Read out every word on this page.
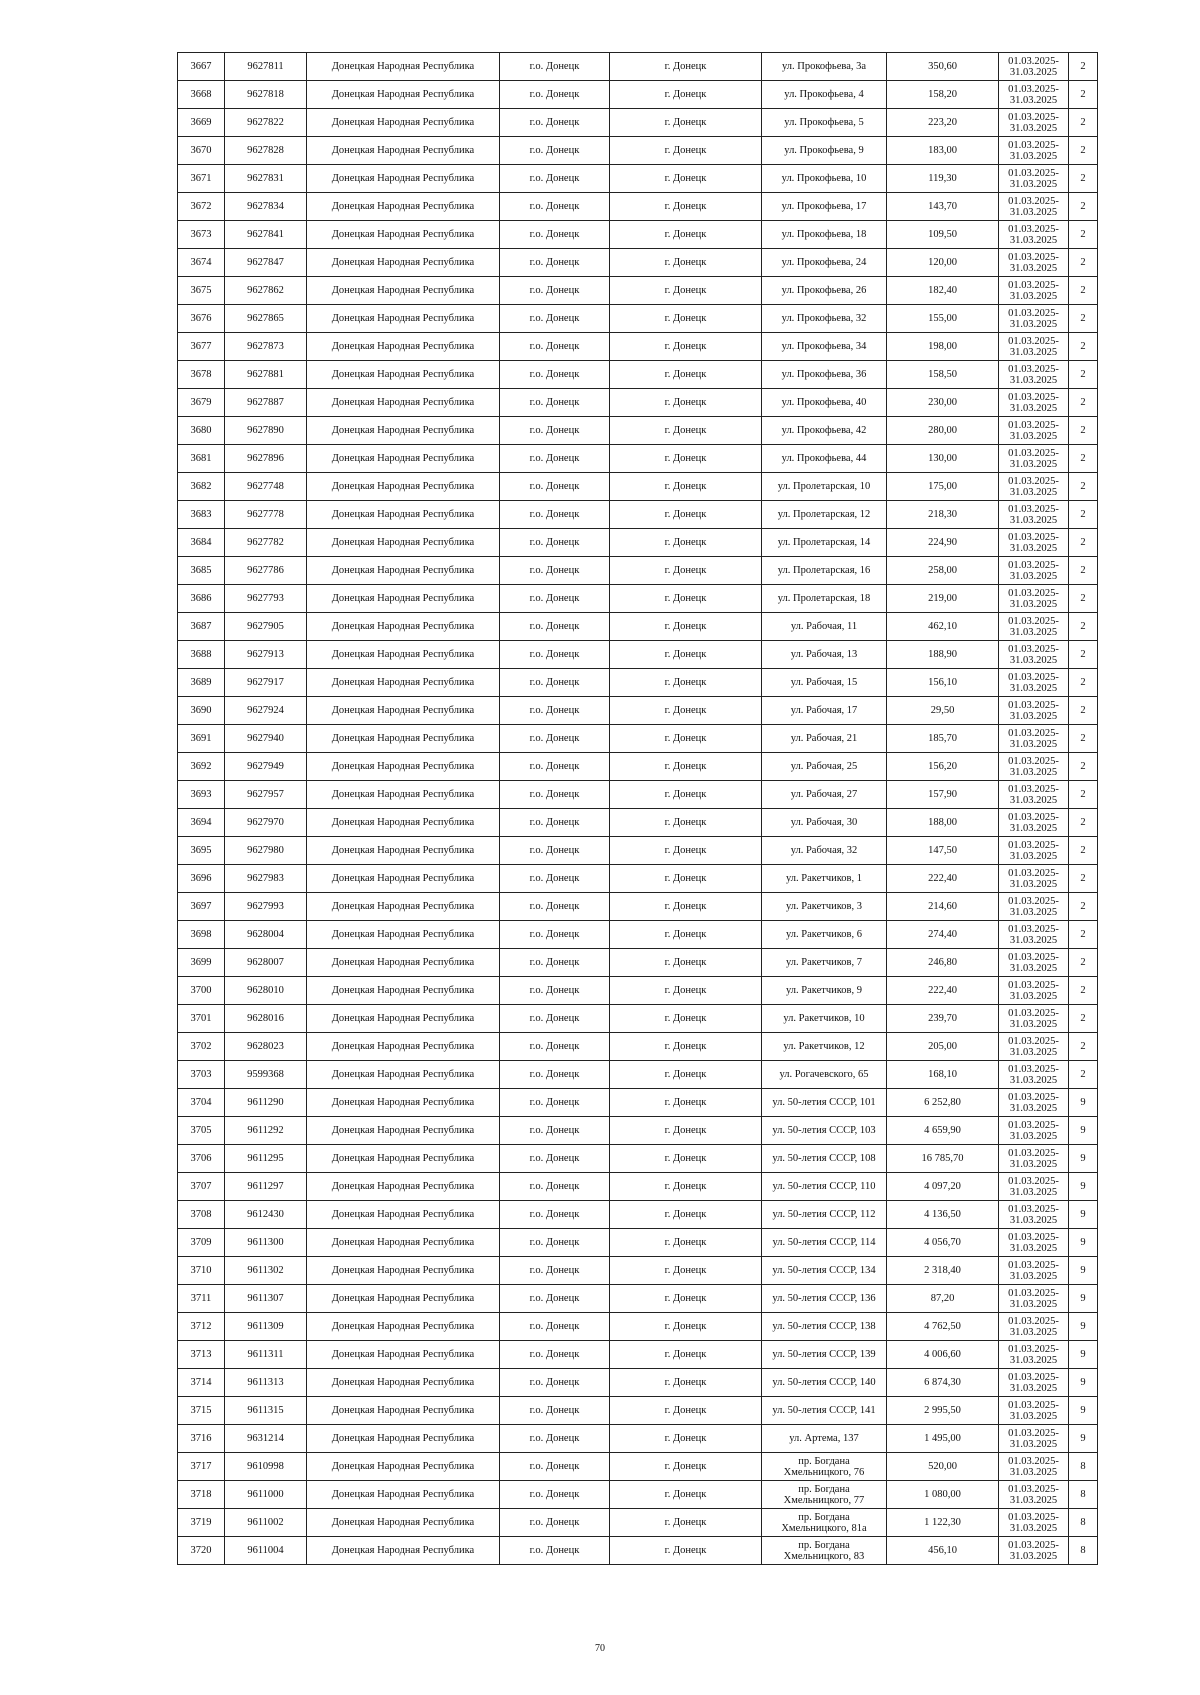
3667	9627811	Донецкая Народная Республика	г.о. Донецк	г. Донецк	ул. Прокофьева, 3а	350,60	01.03.2025-31.03.2025	2
3668	9627818	Донецкая Народная Республика	г.о. Донецк	г. Донецк	ул. Прокофьева, 4	158,20	01.03.2025-31.03.2025	2
3669	9627822	Донецкая Народная Республика	г.о. Донецк	г. Донецк	ул. Прокофьева, 5	223,20	01.03.2025-31.03.2025	2
3670	9627828	Донецкая Народная Республика	г.о. Донецк	г. Донецк	ул. Прокофьева, 9	183,00	01.03.2025-31.03.2025	2
3671	9627831	Донецкая Народная Республика	г.о. Донецк	г. Донецк	ул. Прокофьева, 10	119,30	01.03.2025-31.03.2025	2
3672	9627834	Донецкая Народная Республика	г.о. Донецк	г. Донецк	ул. Прокофьева, 17	143,70	01.03.2025-31.03.2025	2
3673	9627841	Донецкая Народная Республика	г.о. Донецк	г. Донецк	ул. Прокофьева, 18	109,50	01.03.2025-31.03.2025	2
3674	9627847	Донецкая Народная Республика	г.о. Донецк	г. Донецк	ул. Прокофьева, 24	120,00	01.03.2025-31.03.2025	2
3675	9627862	Донецкая Народная Республика	г.о. Донецк	г. Донецк	ул. Прокофьева, 26	182,40	01.03.2025-31.03.2025	2
3676	9627865	Донецкая Народная Республика	г.о. Донецк	г. Донецк	ул. Прокофьева, 32	155,00	01.03.2025-31.03.2025	2
3677	9627873	Донецкая Народная Республика	г.о. Донецк	г. Донецк	ул. Прокофьева, 34	198,00	01.03.2025-31.03.2025	2
3678	9627881	Донецкая Народная Республика	г.о. Донецк	г. Донецк	ул. Прокофьева, 36	158,50	01.03.2025-31.03.2025	2
3679	9627887	Донецкая Народная Республика	г.о. Донецк	г. Донецк	ул. Прокофьева, 40	230,00	01.03.2025-31.03.2025	2
3680	9627890	Донецкая Народная Республика	г.о. Донецк	г. Донецк	ул. Прокофьева, 42	280,00	01.03.2025-31.03.2025	2
3681	9627896	Донецкая Народная Республика	г.о. Донецк	г. Донецк	ул. Прокофьева, 44	130,00	01.03.2025-31.03.2025	2
3682	9627748	Донецкая Народная Республика	г.о. Донецк	г. Донецк	ул. Пролетарская, 10	175,00	01.03.2025-31.03.2025	2
3683	9627778	Донецкая Народная Республика	г.о. Донецк	г. Донецк	ул. Пролетарская, 12	218,30	01.03.2025-31.03.2025	2
3684	9627782	Донецкая Народная Республика	г.о. Донецк	г. Донецк	ул. Пролетарская, 14	224,90	01.03.2025-31.03.2025	2
3685	9627786	Донецкая Народная Республика	г.о. Донецк	г. Донецк	ул. Пролетарская, 16	258,00	01.03.2025-31.03.2025	2
3686	9627793	Донецкая Народная Республика	г.о. Донецк	г. Донецк	ул. Пролетарская, 18	219,00	01.03.2025-31.03.2025	2
3687	9627905	Донецкая Народная Республика	г.о. Донецк	г. Донецк	ул. Рабочая, 11	462,10	01.03.2025-31.03.2025	2
3688	9627913	Донецкая Народная Республика	г.о. Донецк	г. Донецк	ул. Рабочая, 13	188,90	01.03.2025-31.03.2025	2
3689	9627917	Донецкая Народная Республика	г.о. Донецк	г. Донецк	ул. Рабочая, 15	156,10	01.03.2025-31.03.2025	2
3690	9627924	Донецкая Народная Республика	г.о. Донецк	г. Донецк	ул. Рабочая, 17	29,50	01.03.2025-31.03.2025	2
3691	9627940	Донецкая Народная Республика	г.о. Донецк	г. Донецк	ул. Рабочая, 21	185,70	01.03.2025-31.03.2025	2
3692	9627949	Донецкая Народная Республика	г.о. Донецк	г. Донецк	ул. Рабочая, 25	156,20	01.03.2025-31.03.2025	2
3693	9627957	Донецкая Народная Республика	г.о. Донецк	г. Донецк	ул. Рабочая, 27	157,90	01.03.2025-31.03.2025	2
3694	9627970	Донецкая Народная Республика	г.о. Донецк	г. Донецк	ул. Рабочая, 30	188,00	01.03.2025-31.03.2025	2
3695	9627980	Донецкая Народная Республика	г.о. Донецк	г. Донецк	ул. Рабочая, 32	147,50	01.03.2025-31.03.2025	2
3696	9627983	Донецкая Народная Республика	г.о. Донецк	г. Донецк	ул. Ракетчиков, 1	222,40	01.03.2025-31.03.2025	2
3697	9627993	Донецкая Народная Республика	г.о. Донецк	г. Донецк	ул. Ракетчиков, 3	214,60	01.03.2025-31.03.2025	2
3698	9628004	Донецкая Народная Республика	г.о. Донецк	г. Донецк	ул. Ракетчиков, 6	274,40	01.03.2025-31.03.2025	2
3699	9628007	Донецкая Народная Республика	г.о. Донецк	г. Донецк	ул. Ракетчиков, 7	246,80	01.03.2025-31.03.2025	2
3700	9628010	Донецкая Народная Республика	г.о. Донецк	г. Донецк	ул. Ракетчиков, 9	222,40	01.03.2025-31.03.2025	2
3701	9628016	Донецкая Народная Республика	г.о. Донецк	г. Донецк	ул. Ракетчиков, 10	239,70	01.03.2025-31.03.2025	2
3702	9628023	Донецкая Народная Республика	г.о. Донецк	г. Донецк	ул. Ракетчиков, 12	205,00	01.03.2025-31.03.2025	2
3703	9599368	Донецкая Народная Республика	г.о. Донецк	г. Донецк	ул. Рогачевского, 65	168,10	01.03.2025-31.03.2025	2
3704	9611290	Донецкая Народная Республика	г.о. Донецк	г. Донецк	ул. 50-летия СССР, 101	6 252,80	01.03.2025-31.03.2025	9
3705	9611292	Донецкая Народная Республика	г.о. Донецк	г. Донецк	ул. 50-летия СССР, 103	4 659,90	01.03.2025-31.03.2025	9
3706	9611295	Донецкая Народная Республика	г.о. Донецк	г. Донецк	ул. 50-летия СССР, 108	16 785,70	01.03.2025-31.03.2025	9
3707	9611297	Донецкая Народная Республика	г.о. Донецк	г. Донецк	ул. 50-летия СССР, 110	4 097,20	01.03.2025-31.03.2025	9
3708	9612430	Донецкая Народная Республика	г.о. Донецк	г. Донецк	ул. 50-летия СССР, 112	4 136,50	01.03.2025-31.03.2025	9
3709	9611300	Донецкая Народная Республика	г.о. Донецк	г. Донецк	ул. 50-летия СССР, 114	4 056,70	01.03.2025-31.03.2025	9
3710	9611302	Донецкая Народная Республика	г.о. Донецк	г. Донецк	ул. 50-летия СССР, 134	2 318,40	01.03.2025-31.03.2025	9
3711	9611307	Донецкая Народная Республика	г.о. Донецк	г. Донецк	ул. 50-летия СССР, 136	87,20	01.03.2025-31.03.2025	9
3712	9611309	Донецкая Народная Республика	г.о. Донецк	г. Донецк	ул. 50-летия СССР, 138	4 762,50	01.03.2025-31.03.2025	9
3713	9611311	Донецкая Народная Республика	г.о. Донецк	г. Донецк	ул. 50-летия СССР, 139	4 006,60	01.03.2025-31.03.2025	9
3714	9611313	Донецкая Народная Республика	г.о. Донецк	г. Донецк	ул. 50-летия СССР, 140	6 874,30	01.03.2025-31.03.2025	9
3715	9611315	Донецкая Народная Республика	г.о. Донецк	г. Донецк	ул. 50-летия СССР, 141	2 995,50	01.03.2025-31.03.2025	9
3716	9631214	Донецкая Народная Республика	г.о. Донецк	г. Донецк	ул. Артема, 137	1 495,00	01.03.2025-31.03.2025	9
3717	9610998	Донецкая Народная Республика	г.о. Донецк	г. Донецк	пр. Богдана Хмельницкого, 76	520,00	01.03.2025-31.03.2025	8
3718	9611000	Донецкая Народная Республика	г.о. Донецк	г. Донецк	пр. Богдана Хмельницкого, 77	1 080,00	01.03.2025-31.03.2025	8
3719	9611002	Донецкая Народная Республика	г.о. Донецк	г. Донецк	пр. Богдана Хмельницкого, 81а	1 122,30	01.03.2025-31.03.2025	8
3720	9611004	Донецкая Народная Республика	г.о. Донецк	г. Донецк	пр. Богдана Хмельницкого, 83	456,10	01.03.2025-31.03.2025	8
70
